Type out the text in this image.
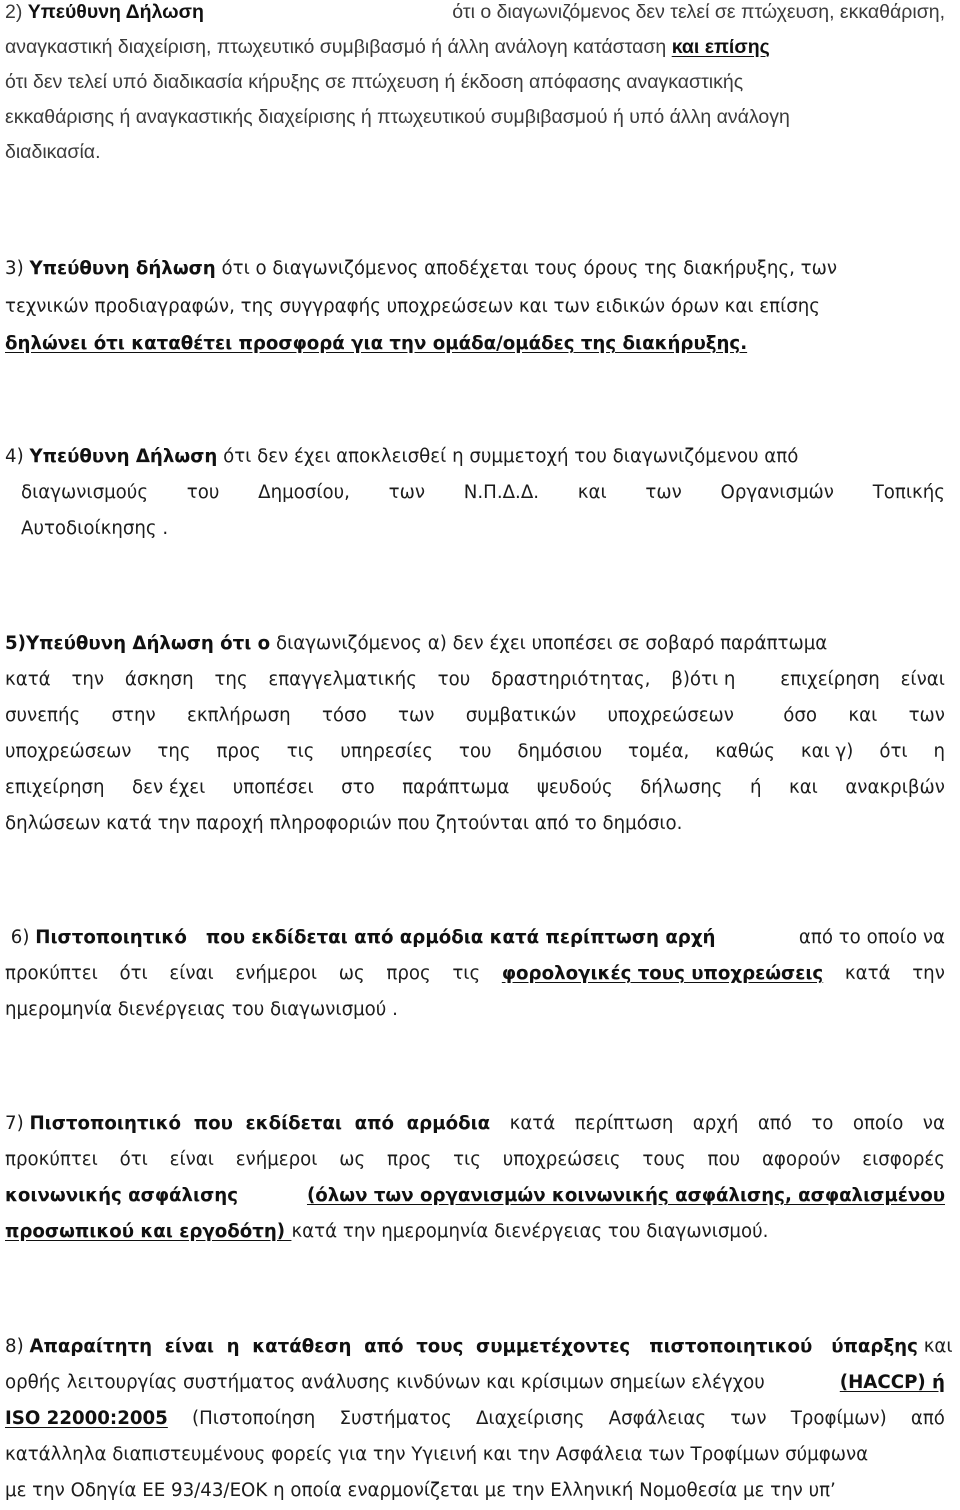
2) Υπεύθυνη Δήλωση	ότι ο διαγωνιζόμενος δεν τελεί σε πτώχευση, εκκαθάριση,
αναγκαστική διαχείριση, πτωχευτικό συμβιβασμό ή άλλη ανάλογη κατάσταση και επίσης
ότι δεν τελεί υπό διαδικασία κήρυξης σε πτώχευση ή έκδοση απόφασης αναγκαστικής
εκκαθάρισης ή αναγκαστικής διαχείρισης ή πτωχευτικού συμβιβασμού ή υπό άλλη ανάλογη
διαδικασία.
3) Υπεύθυνη δήλωση ότι ο διαγωνιζόμενος αποδέχεται τους όρους της διακήρυξης, των
τεχνικών προδιαγραφών, της συγγραφής υποχρεώσεων και των ειδικών όρων και επίσης
δηλώνει ότι καταθέτει προσφορά για την ομάδα/ομάδες της διακήρυξης.
4) Υπεύθυνη Δήλωση ότι δεν έχει αποκλεισθεί η συμμετοχή του διαγωνιζόμενου από
διαγωνισμούς του Δημοσίου, των Ν.Π.Δ.Δ. και των Οργανισμών Τοπικής
Αυτοδιοίκησης .
5)Υπεύθυνη Δήλωση ότι ο διαγωνιζόμενος α) δεν έχει υποπέσει σε σοβαρό παράπτωμα
κατά την άσκηση της επαγγελματικής του δραστηριότητας, β)ότι η επιχείρηση είναι
συνεπής στην εκπλήρωση τόσο των συμβατικών υποχρεώσεων	όσο και των
υποχρεώσεων της προς τις υπηρεσίες του δημόσιου τομέα, καθώς και γ) ότι η
επιχείρηση δεν έχει υποπέσει στο παράπτωμα ψευδούς δήλωσης ή και ανακριβών
δηλώσεων κατά την παροχή πληροφοριών που ζητούνται από το δημόσιο.
6) Πιστοποιητικό   που εκδίδεται από αρμόδια κατά περίπτωση αρχή	από το οποίο να
προκύπτει ότι είναι ενήμεροι ως προς τις φορολογικές τους υποχρεώσεις κατά την
ημερομηνία διενέργειας του διαγωνισμού .
7) Πιστοποιητικό  που  εκδίδεται  από  αρμόδια κατά περίπτωση αρχή από το οποίο να
προκύπτει ότι είναι ενήμεροι ως προς τις υποχρεώσεις τους που αφορούν εισφορές
κοινωνικής ασφάλισης	(όλων των οργανισμών κοινωνικής ασφάλισης, ασφαλισμένου
προσωπικού και εργοδότη) κατά την ημερομηνία διενέργειας του διαγωνισμού.
8) Απαραίτητη  είναι  η  κατάθεση  από  τους  συμμετέχοντες   πιστοποιητικού   ύπαρξης και
ορθής λειτουργίας συστήματος ανάλυσης κινδύνων και κρίσιμων σημείων ελέγχου	(HACCP) ή
ISO 22000:2005 (Πιστοποίηση Συστήματος Διαχείρισης Ασφάλειας των Τροφίμων) από
κατάλληλα διαπιστευμένους φορείς για την Υγιεινή και την Ασφάλεια των Τροφίμων σύμφωνα
με την Οδηγία ΕΕ 93/43/ΕΟΚ η οποία εναρμονίζεται με την Ελληνική Νομοθεσία με την υπ’
